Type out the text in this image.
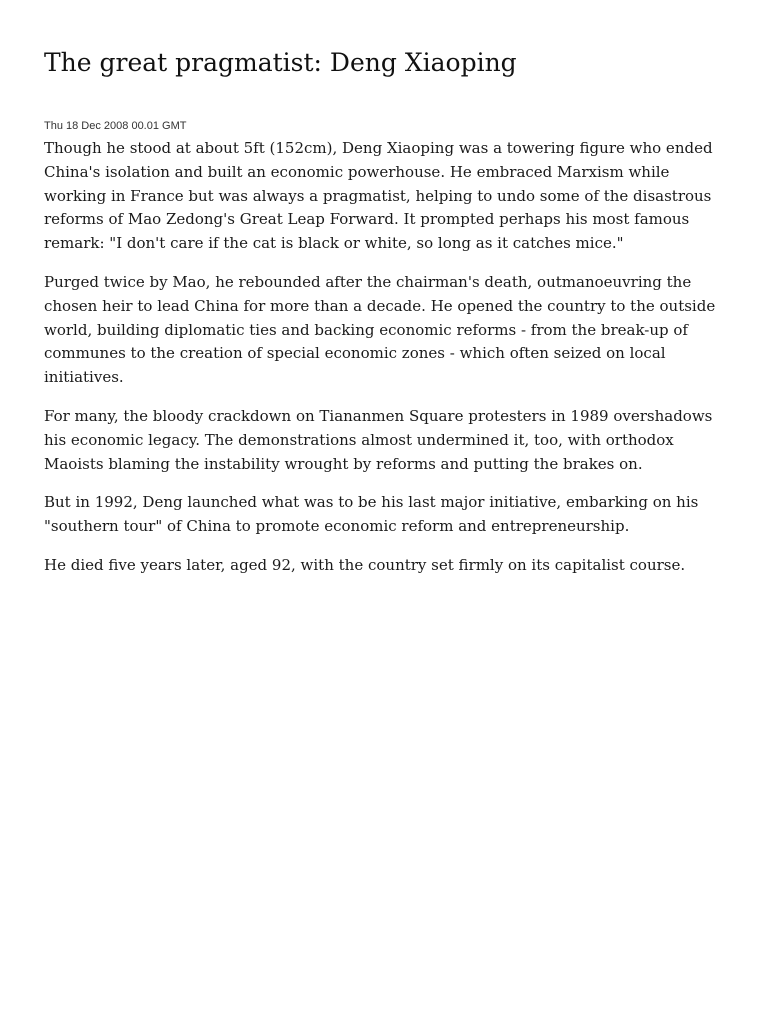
The great pragmatist: Deng Xiaoping
Thu 18 Dec 2008 00.01 GMT

Though he stood at about 5ft (152cm), Deng Xiaoping was a towering figure who ended China's isolation and built an economic powerhouse. He embraced Marxism while working in France but was always a pragmatist, helping to undo some of the disastrous reforms of Mao Zedong's Great Leap Forward. It prompted perhaps his most famous remark: "I don't care if the cat is black or white, so long as it catches mice."

Purged twice by Mao, he rebounded after the chairman's death, outmanoeuvring the chosen heir to lead China for more than a decade. He opened the country to the outside world, building diplomatic ties and backing economic reforms - from the break-up of communes to the creation of special economic zones - which often seized on local initiatives.

For many, the bloody crackdown on Tiananmen Square protesters in 1989 overshadows his economic legacy. The demonstrations almost undermined it, too, with orthodox Maoists blaming the instability wrought by reforms and putting the brakes on.

But in 1992, Deng launched what was to be his last major initiative, embarking on his "southern tour" of China to promote economic reform and entrepreneurship.

He died five years later, aged 92, with the country set firmly on its capitalist course.
